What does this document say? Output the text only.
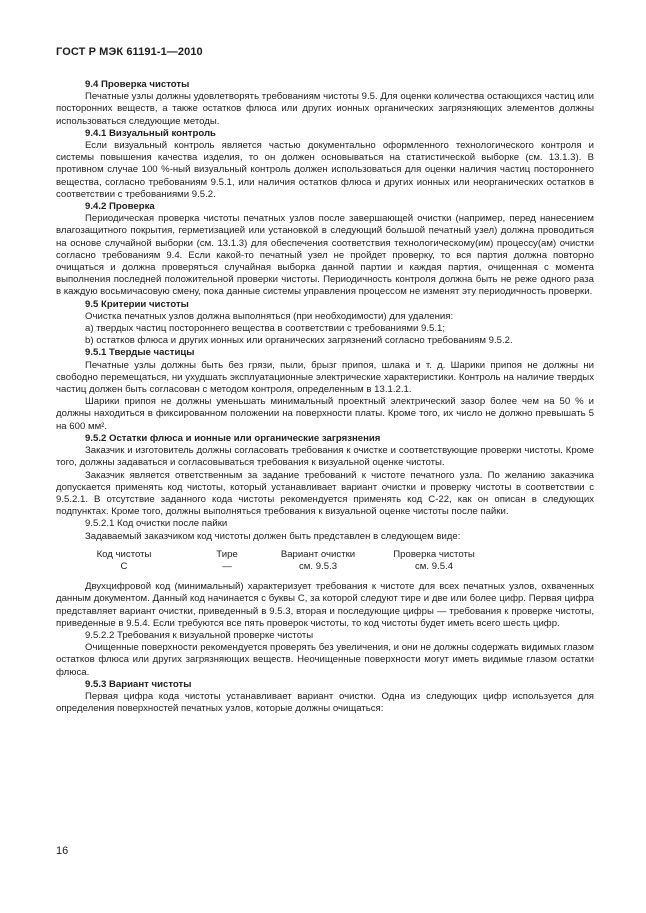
ГОСТ Р МЭК 61191-1—2010

9.4 Проверка чистоты

Печатные узлы должны удовлетворять требованиям чистоты 9.5. Для оценки количества остающихся частиц или посторонних веществ, а также остатков флюса или других ионных органических загрязняющих элементов должны использоваться следующие методы.

9.4.1 Визуальный контроль

Если визуальный контроль является частью документально оформленного технологического контроля и системы повышения качества изделия, то он должен основываться на статистической выборке (см. 13.1.3). В противном случае 100 %-ный визуальный контроль должен использоваться для оценки наличия частиц постороннего вещества, согласно требованиям 9.5.1, или наличия остатков флюса и других ионных или неорганических остатков в соответствии с требованиями 9.5.2.

9.4.2 Проверка

Периодическая проверка чистоты печатных узлов после завершающей очистки (например, перед нанесением влагозащитного покрытия, герметизацией или установкой в следующий большой печатный узел) должна проводиться на основе случайной выборки (см. 13.1.3) для обеспечения соответствия технологическому(им) процессу(ам) очистки согласно требованиям 9.4. Если какой-то печатный узел не пройдет проверку, то вся партия должна повторно очищаться и должна проверяться случайная выборка данной партии и каждая партия, очищенная с момента выполнения последней положительной проверки чистоты. Периодичность контроля должна быть не реже одного раза в каждую восьмичасовую смену, пока данные системы управления процессом не изменят эту периодичность проверки.

9.5 Критерии чистоты

Очистка печатных узлов должна выполняться (при необходимости) для удаления:

a) твердых частиц постороннего вещества в соответствии с требованиями 9.5.1;

b) остатков флюса и других ионных или органических загрязнений согласно требованиям 9.5.2.

9.5.1 Твердые частицы

Печатные узлы должны быть без грязи, пыли, брызг припоя, шлака и т. д. Шарики припоя не должны ни свободно перемещаться, ни ухудшать эксплуатационные электрические характеристики. Контроль на наличие твердых частиц должен быть согласован с методом контроля, определенным в 13.1.2.1.

Шарики припоя не должны уменьшать минимальный проектный электрический зазор более чем на 50 % и должны находиться в фиксированном положении на поверхности платы. Кроме того, их число не должно превышать 5 на 600 мм².

9.5.2 Остатки флюса и ионные или органические загрязнения

Заказчик и изготовитель должны согласовать требования к очистке и соответствующие проверки чистоты. Кроме того, должны задаваться и согласовываться требования к визуальной оценке чистоты.

Заказчик является ответственным за задание требований к чистоте печатного узла. По желанию заказчика допускается применять код чистоты, который устанавливает вариант очистки и проверку чистоты в соответствии с 9.5.2.1. В отсутствие заданного кода чистоты рекомендуется применять код С-22, как он описан в следующих подпунктах. Кроме того, должны выполняться требования к визуальной оценке чистоты после пайки.

9.5.2.1 Код очистки после пайки

Задаваемый заказчиком код чистоты должен быть представлен в следующем виде:

Код чистоты
C
Тире
—
Вариант очистки
см. 9.5.3
Проверка чистоты
см. 9.5.4

Двухцифровой код (минимальный) характеризует требования к чистоте для всех печатных узлов, охваченных данным документом. Данный код начинается с буквы C, за которой следуют тире и две или более цифр. Первая цифра представляет вариант очистки, приведенный в 9.5.3, вторая и последующие цифры — требования к проверке чистоты, приведенные в 9.5.4. Если требуются все пять проверок чистоты, то код чистоты будет иметь всего шесть цифр.

9.5.2.2 Требования к визуальной проверке чистоты

Очищенные поверхности рекомендуется проверять без увеличения, и они не должны содержать видимых глазом остатков флюса или других загрязняющих веществ. Неочищенные поверхности могут иметь видимые глазом остатки флюса.

9.5.3 Вариант чистоты

Первая цифра кода чистоты устанавливает вариант очистки. Одна из следующих цифр используется для определения поверхностей печатных узлов, которые должны очищаться:

16
